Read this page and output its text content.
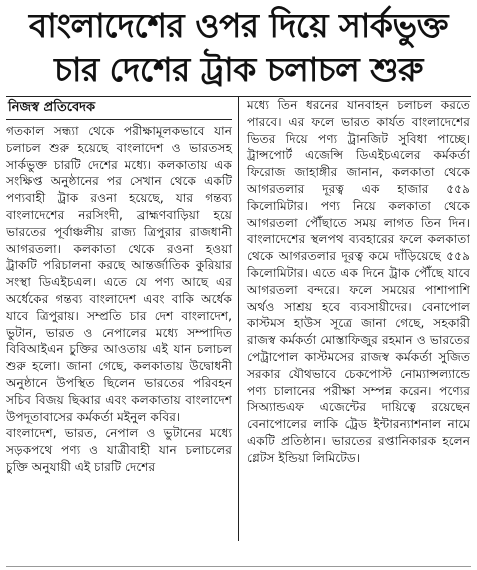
বাংলাদেশের ওপর দিয়ে সার্কভুক্ত
চার দেশের ট্রাক চলাচল শুরু
নিজস্ব প্রতিবেদক

গতকাল সন্ধ্যা থেকে পরীক্ষামূলকভাবে যান চলাচল শুরু হয়েছে বাংলাদেশ ও ভারতসহ সার্কভুক্ত চারটি দেশের মধ্যে। কলকাতায় এক সংক্ষিপ্ত অনুষ্ঠানের পর সেখান থেকে একটি পণ্যবাহী ট্রাক রওনা হয়েছে, যার গন্তব্য বাংলাদেশের নরসিংদী, ব্রাহ্মণবাড়িয়া হয়ে ভারতের পূর্বাঞ্চলীয় রাজ্য ত্রিপুরার রাজধানী আগরতলা। কলকাতা থেকে রওনা হওয়া ট্রাকটি পরিচালনা করছে আন্তর্জাতিক কুরিয়ার সংস্থা ডিএইচএল। এতে যে পণ্য আছে এর অর্ধেকের গন্তব্য বাংলাদেশ এবং বাকি অর্ধেক যাবে ত্রিপুরায়। সম্প্রতি চার দেশ বাংলাদেশ, ভুটান, ভারত ও নেপালের মধ্যে সম্পাদিত বিবিআইএন চুক্তির আওতায় এই যান চলাচল শুরু হলো। জানা গেছে, কলকাতায় উদ্বোধনী অনুষ্ঠানে উপস্থিত ছিলেন ভারতের পরিবহন সচিব বিজয় ছিব্বার এবং কলকাতায় বাংলাদেশ উপদূতাবাসের কর্মকর্তা মইনুল কবির।

বাংলাদেশ, ভারত, নেপাল ও ভুটানের মধ্যে সড়কপথে পণ্য ও যাত্রীবাহী যান চলাচলের চুক্তি অনুযায়ী এই চারটি দেশের

মধ্যে তিন ধরনের যানবাহন চলাচল করতে পারবে। এর ফলে ভারত কার্যত বাংলাদেশের ভিতর দিয়ে পণ্য ট্রানজিট সুবিধা পাচ্ছে। ট্রান্সপোর্ট এজেন্সি ডিএইচএলের কর্মকর্তা ফিরোজ জাহাঙ্গীর জানান, কলকাতা থেকে আগরতলার দূরত্ব এক হাজার ৫৫৯ কিলোমিটার। পণ্য নিয়ে কলকাতা থেকে আগরতলা পৌঁছাতে সময় লাগত তিন দিন। বাংলাদেশের স্থলপথ ব্যবহারের ফলে কলকাতা থেকে আগরতলার দূরত্ব কমে দাঁড়িয়েছে ৫৫৯ কিলোমিটার। এতে এক দিনে ট্রাক পৌঁছে যাবে আগরতলা বন্দরে। ফলে সময়ের পাশাপাশি অর্থও সাশ্রয় হবে ব্যবসায়ীদের। বেনাপোল কাস্টমস হাউস সূত্রে জানা গেছে, সহকারী রাজস্ব কর্মকর্তা মোস্তাফিজুর রহমান ও ভারতের পেট্রাপোল কাস্টমসের রাজস্ব কর্মকর্তা সুজিত সরকার যৌথভাবে চেকপোস্ট নোম্যান্সল্যান্ডে পণ্য চালানের পরীক্ষা সম্পন্ন করেন। পণ্যের সিঅ্যান্ডএফ এজেন্টের দায়িত্বে রয়েছেন বেনাপোলের লাকি ট্রেড ইন্টারন্যাশনাল নামে একটি প্রতিষ্ঠান। ভারতের রপ্তানিকারক হলেন গ্লেটস ইন্ডিয়া লিমিটেড।
